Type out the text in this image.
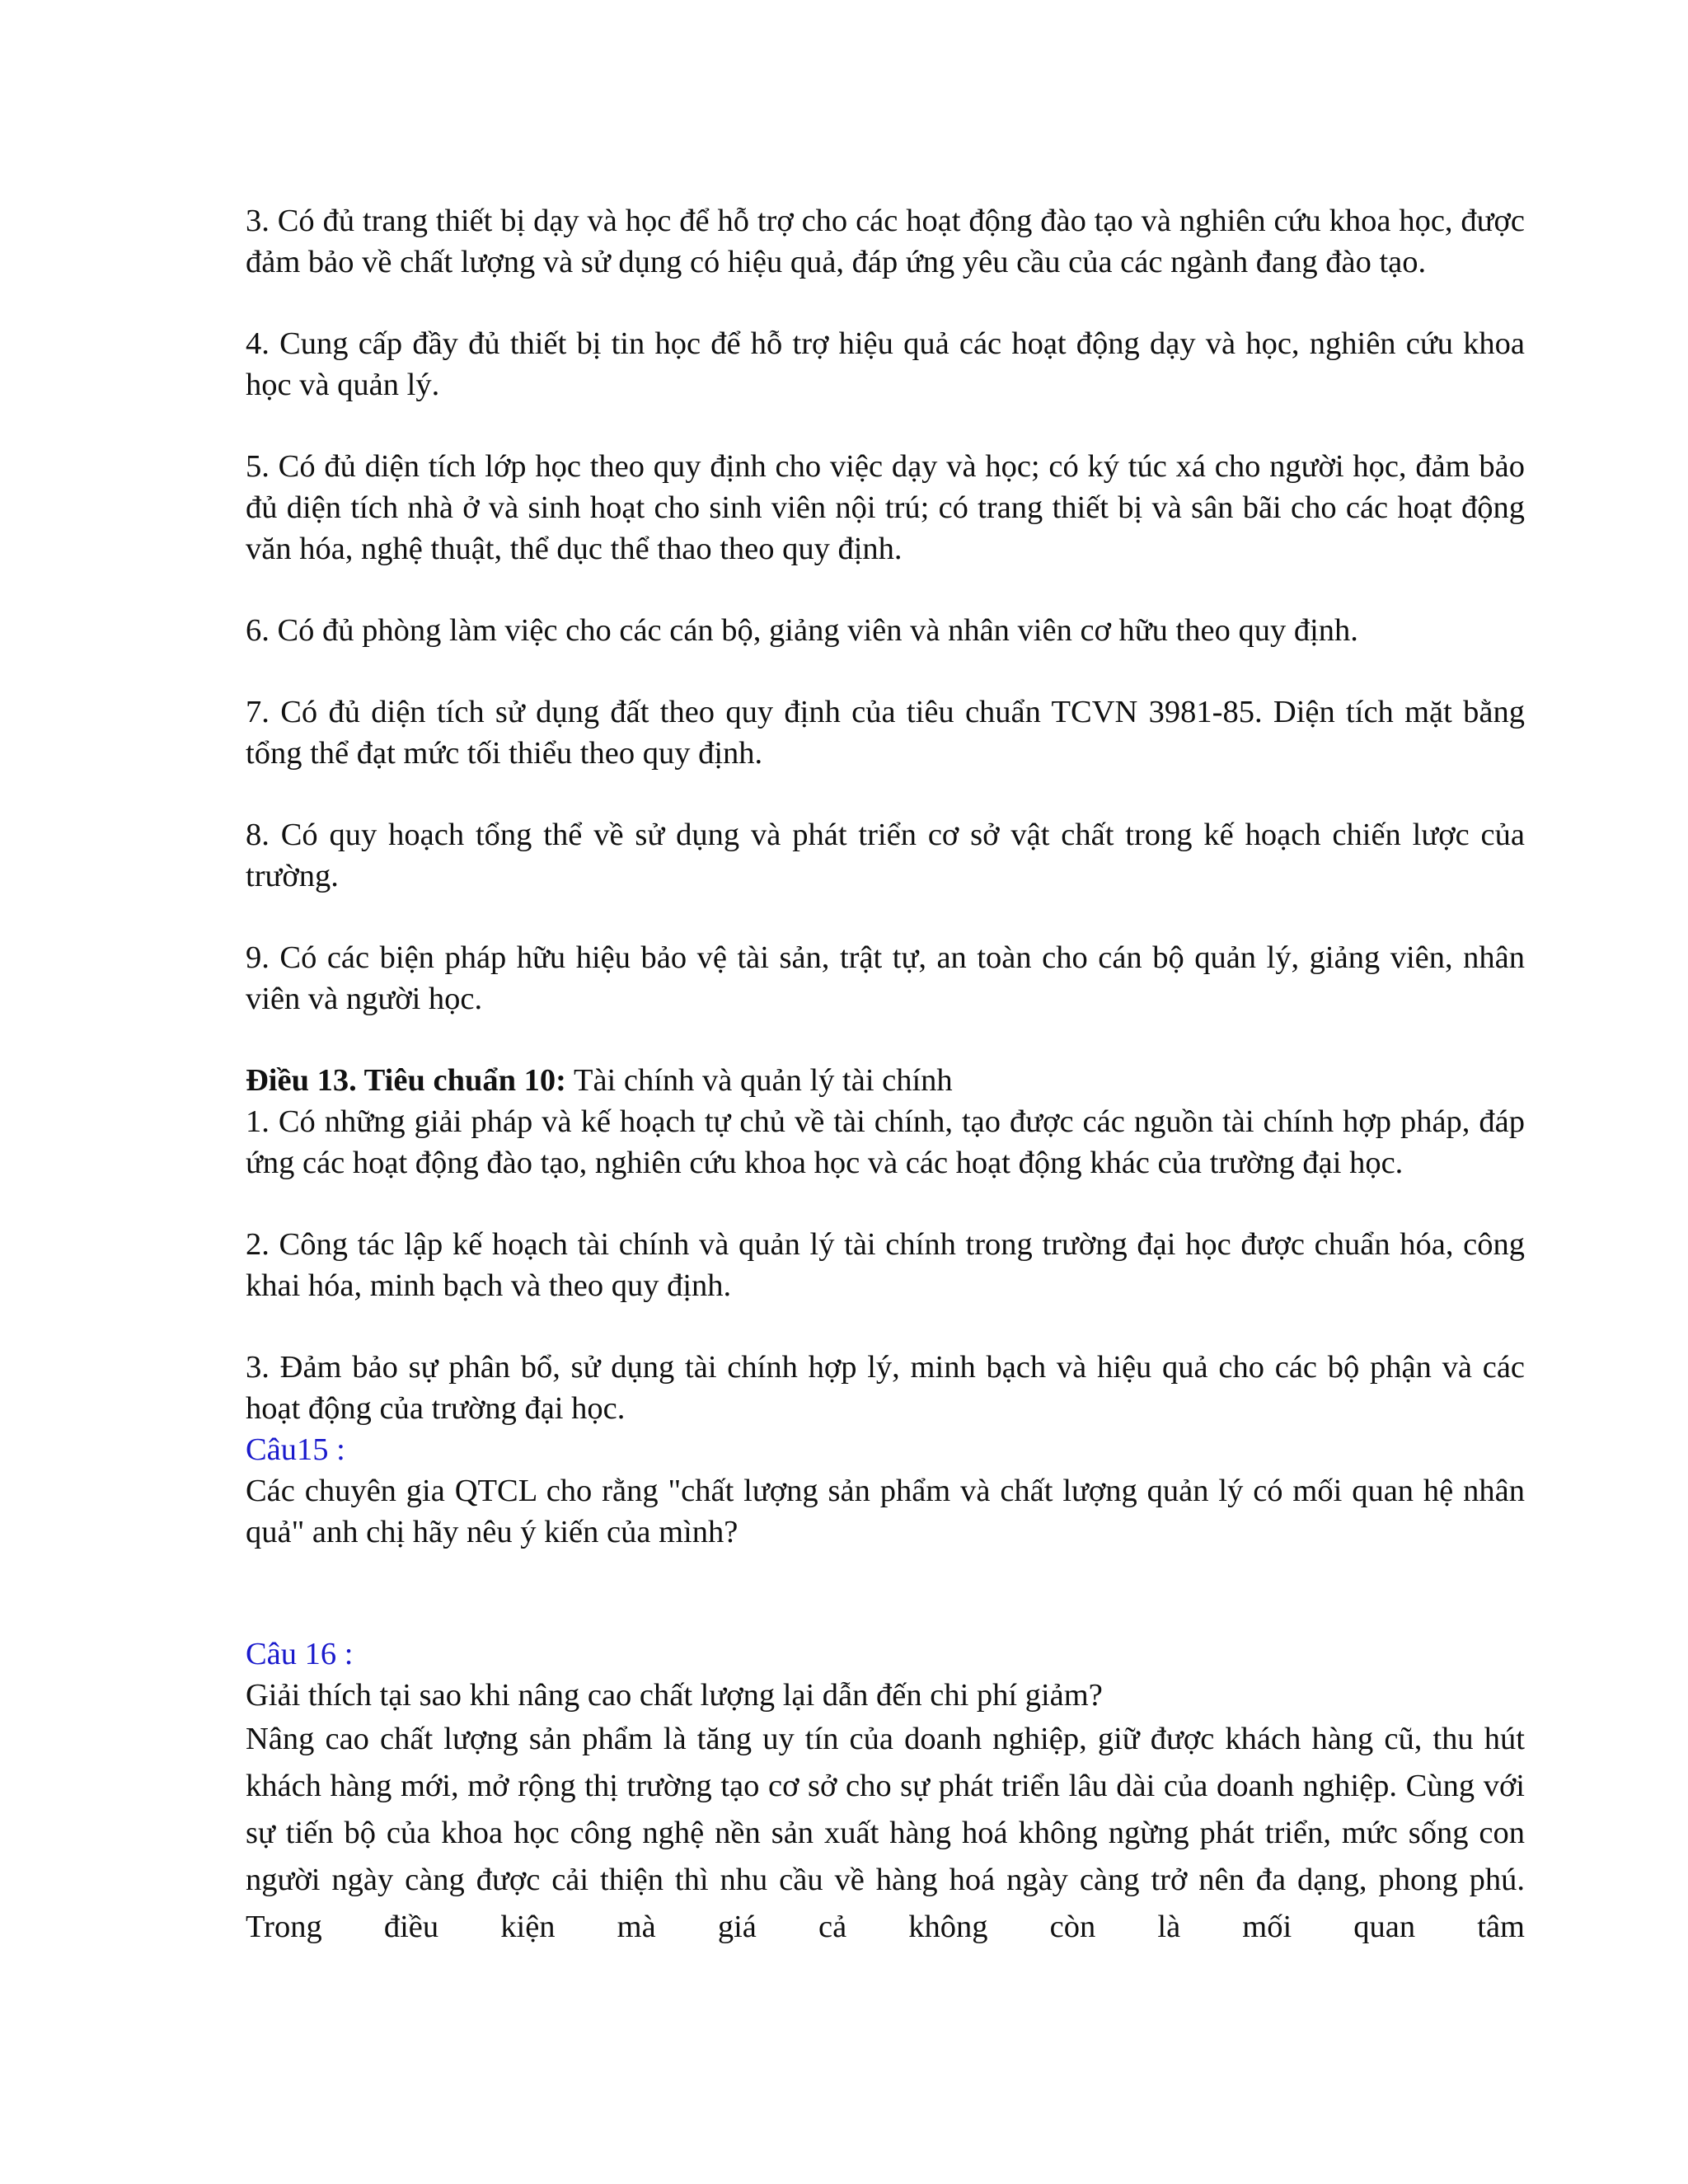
3. Có đủ trang thiết bị dạy và học để hỗ trợ cho các hoạt động đào tạo và nghiên cứu khoa học, được đảm bảo về chất lượng và sử dụng có hiệu quả, đáp ứng yêu cầu của các ngành đang đào tạo.

4. Cung cấp đầy đủ thiết bị tin học để hỗ trợ hiệu quả các hoạt động dạy và học, nghiên cứu khoa học và quản lý.

5. Có đủ diện tích lớp học theo quy định cho việc dạy và học; có ký túc xá cho người học, đảm bảo đủ diện tích nhà ở và sinh hoạt cho sinh viên nội trú; có trang thiết bị và sân bãi cho các hoạt động văn hóa, nghệ thuật, thể dục thể thao theo quy định.

6. Có đủ phòng làm việc cho các cán bộ, giảng viên và nhân viên cơ hữu theo quy định.

7. Có đủ diện tích sử dụng đất theo quy định của tiêu chuẩn TCVN 3981-85. Diện tích mặt bằng tổng thể đạt mức tối thiểu theo quy định.

8. Có quy hoạch tổng thể về sử dụng và phát triển cơ sở vật chất trong kế hoạch chiến lược của trường.

9. Có các biện pháp hữu hiệu bảo vệ tài sản, trật tự, an toàn cho cán bộ quản lý, giảng viên, nhân viên và người học.

Điều 13. Tiêu chuẩn 10: Tài chính và quản lý tài chính

1. Có những giải pháp và kế hoạch tự chủ về tài chính, tạo được các nguồn tài chính hợp pháp, đáp ứng các hoạt động đào tạo, nghiên cứu khoa học và các hoạt động khác của trường đại học.

2. Công tác lập kế hoạch tài chính và quản lý tài chính trong trường đại học được chuẩn hóa, công khai hóa, minh bạch và theo quy định.

3. Đảm bảo sự phân bổ, sử dụng tài chính hợp lý, minh bạch và hiệu quả cho các bộ phận và các hoạt động của trường đại học.

Câu15 :

Các chuyên gia QTCL cho rằng "chất lượng sản phẩm và chất lượng quản lý có mối quan hệ nhân quả" anh chị hãy nêu ý kiến của mình?

Câu 16 :

Giải thích tại sao khi nâng cao chất lượng lại dẫn đến chi phí giảm?

Nâng cao chất lượng sản phẩm là tăng uy tín của doanh nghiệp, giữ được khách hàng cũ, thu hút khách hàng mới, mở rộng thị trường tạo cơ sở cho sự phát triển lâu dài của doanh nghiệp. Cùng với sự tiến bộ của khoa học công nghệ nền sản xuất hàng hoá không ngừng phát triển, mức sống con người ngày càng được cải thiện thì nhu cầu về hàng hoá ngày càng trở nên đa dạng, phong phú. Trong điều kiện mà giá cả không còn là mối quan tâm
